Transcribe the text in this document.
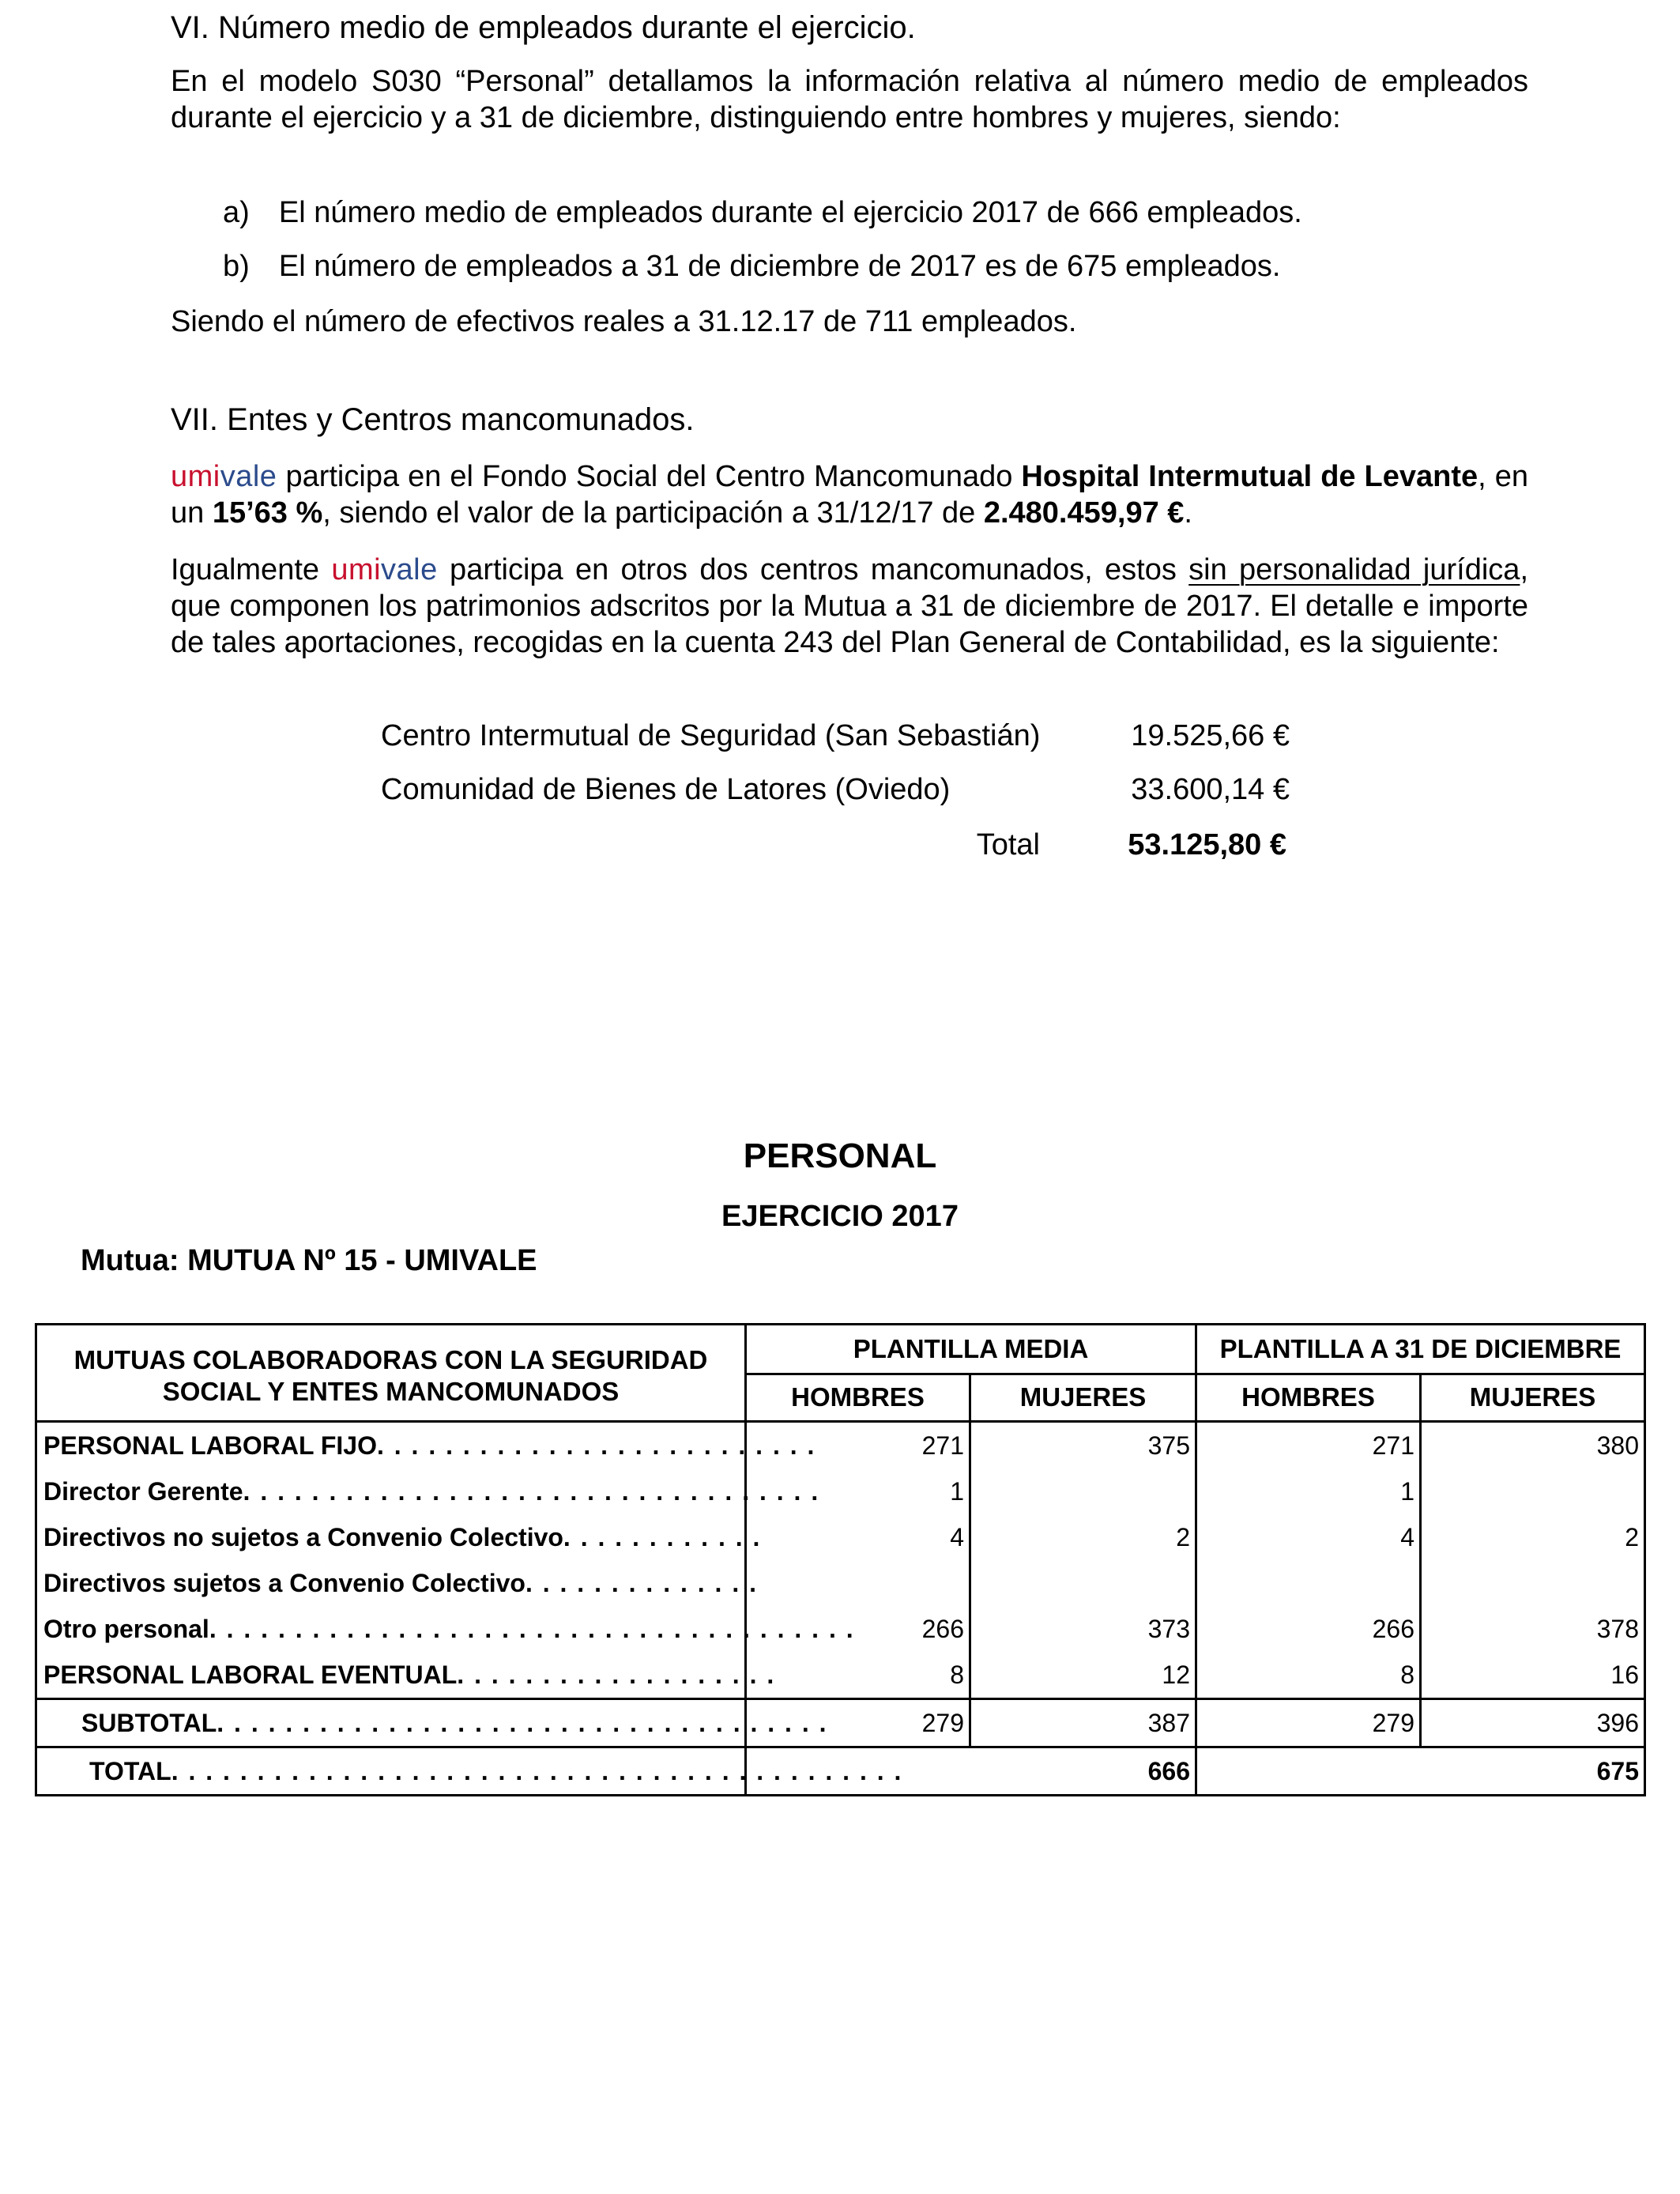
VI. Número medio de empleados durante el ejercicio.

En el modelo S030 “Personal” detallamos la información relativa al número medio de empleados durante el ejercicio y a 31 de diciembre, distinguiendo entre hombres y mujeres, siendo:

a) El número medio de empleados durante el ejercicio 2017 de 666 empleados.
b) El número de empleados a 31 de diciembre de 2017 es de 675 empleados.
Siendo el número de efectivos reales a 31.12.17 de 711 empleados.
VII. Entes y Centros mancomunados.

umivale participa en el Fondo Social del Centro Mancomunado Hospital Intermutual de Levante, en un 15’63 %, siendo el valor de la participación a 31/12/17 de 2.480.459,97 €.

Igualmente umivale participa en otros dos centros mancomunados, estos sin personalidad jurídica, que componen los patrimonios adscritos por la Mutua a 31 de diciembre de 2017. El detalle e importe de tales aportaciones, recogidas en la cuenta 243 del Plan General de Contabilidad, es la siguiente:

Centro Intermutual de Seguridad (San Sebastián)	19.525,66 €
Comunidad de Bienes de Latores (Oviedo)	33.600,14 €
Total	53.125,80 €
PERSONAL
EJERCICIO 2017
Mutua: MUTUA Nº 15 - UMIVALE
MUTUAS COLABORADORAS CON LA SEGURIDAD SOCIAL Y ENTES MANCOMUNADOS	PLANTILLA MEDIA		PLANTILLA A 31 DE DICIEMBRE	
	HOMBRES	MUJERES	HOMBRES	MUJERES
PERSONAL LABORAL FIJO. . . . . . . . . . . . . . . . . . . . . . . . . .	271	375	271	380
Director Gerente. . . . . . . . . . . . . . . . . . . . . . . . . . . . . . . . . .	1		1	
Directivos no sujetos a Convenio Colectivo. . . . . . . . . . . .	4	2	4	2
Directivos sujetos a Convenio Colectivo. . . . . . . . . . . . . .				
Otro personal. . . . . . . . . . . . . . . . . . . . . . . . . . . . . . . . . . . . . .	266	373	266	378
PERSONAL LABORAL EVENTUAL. . . . . . . . . . . . . . . . . . .	8	12	8	16
SUBTOTAL. . . . . . . . . . . . . . . . . . . . . . . . . . . . . . . . . . . .	279	387	279	396
TOTAL. . . . . . . . . . . . . . . . . . . . . . . . . . . . . . . . . . . . . . . . . . .	666		675	
